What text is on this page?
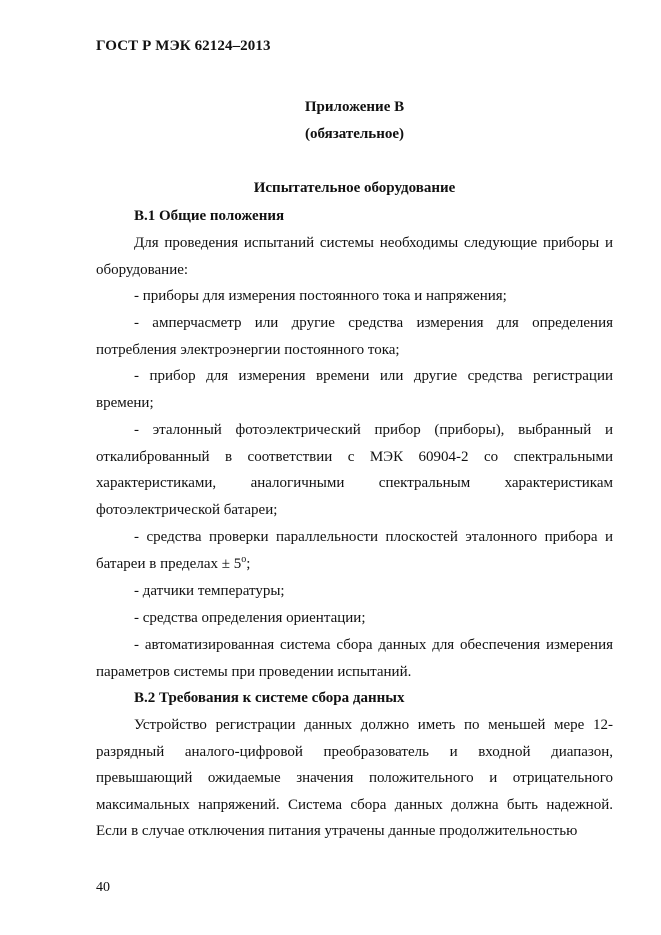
ГОСТ Р МЭК 62124–2013
Приложение В
(обязательное)
Испытательное оборудование
В.1 Общие положения
Для проведения испытаний системы необходимы следующие приборы и оборудование:
- приборы для измерения постоянного тока и напряжения;
- амперчасметр или другие средства измерения для определения потребления электроэнергии постоянного тока;
- прибор для измерения времени или другие средства регистрации времени;
- эталонный фотоэлектрический прибор (приборы), выбранный и откалиброванный в соответствии с МЭК 60904-2 со спектральными характеристиками, аналогичными спектральным характеристикам фотоэлектрической батареи;
- средства проверки параллельности плоскостей эталонного прибора и батареи в пределах ± $5^о$;
- датчики температуры;
- средства определения ориентации;
- автоматизированная система сбора данных для обеспечения измерения параметров системы при проведении испытаний.
В.2 Требования к системе сбора данных
Устройство регистрации данных должно иметь по меньшей мере 12-разрядный аналого-цифровой преобразователь и входной диапазон, превышающий ожидаемые значения положительного и отрицательного максимальных напряжений. Система сбора данных должна быть надежной. Если в случае отключения питания утрачены данные продолжительностью
40
